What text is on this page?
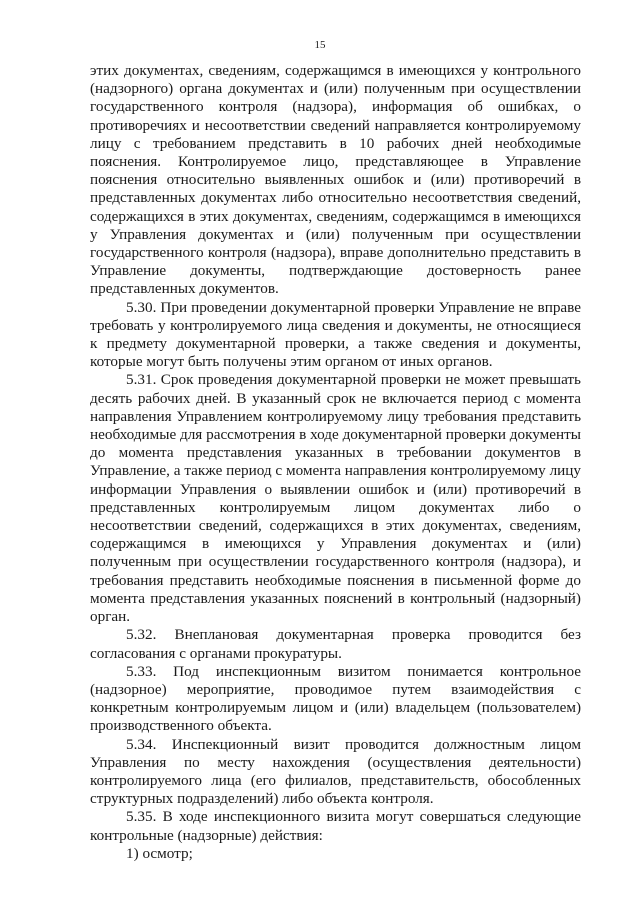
15

этих документах, сведениям, содержащимся в имеющихся у контрольного (надзорного) органа документах и (или) полученным при осуществлении государственного контроля (надзора), информация об ошибках, о противоречиях и несоответствии сведений направляется контролируемому лицу с требованием представить в 10 рабочих дней необходимые пояснения. Контролируемое лицо, представляющее в Управление пояснения относительно выявленных ошибок и (или) противоречий в представленных документах либо относительно несоответствия сведений, содержащихся в этих документах, сведениям, содержащимся в имеющихся у Управления документах и (или) полученным при осуществлении государственного контроля (надзора), вправе дополнительно представить в Управление документы, подтверждающие достоверность ранее представленных документов.

5.30. При проведении документарной проверки Управление не вправе требовать у контролируемого лица сведения и документы, не относящиеся к предмету документарной проверки, а также сведения и документы, которые могут быть получены этим органом от иных органов.

5.31. Срок проведения документарной проверки не может превышать десять рабочих дней. В указанный срок не включается период с момента направления Управлением контролируемому лицу требования представить необходимые для рассмотрения в ходе документарной проверки документы до момента представления указанных в требовании документов в Управление, а также период с момента направления контролируемому лицу информации Управления о выявлении ошибок и (или) противоречий в представленных контролируемым лицом документах либо о несоответствии сведений, содержащихся в этих документах, сведениям, содержащимся в имеющихся у Управления документах и (или) полученным при осуществлении государственного контроля (надзора), и требования представить необходимые пояснения в письменной форме до момента представления указанных пояснений в контрольный (надзорный) орган.

5.32. Внеплановая документарная проверка проводится без согласования с органами прокуратуры.

5.33. Под инспекционным визитом понимается контрольное (надзорное) мероприятие, проводимое путем взаимодействия с конкретным контролируемым лицом и (или) владельцем (пользователем) производственного объекта.

5.34. Инспекционный визит проводится должностным лицом Управления по месту нахождения (осуществления деятельности) контролируемого лица (его филиалов, представительств, обособленных структурных подразделений) либо объекта контроля.

5.35. В ходе инспекционного визита могут совершаться следующие контрольные (надзорные) действия:

1) осмотр;
